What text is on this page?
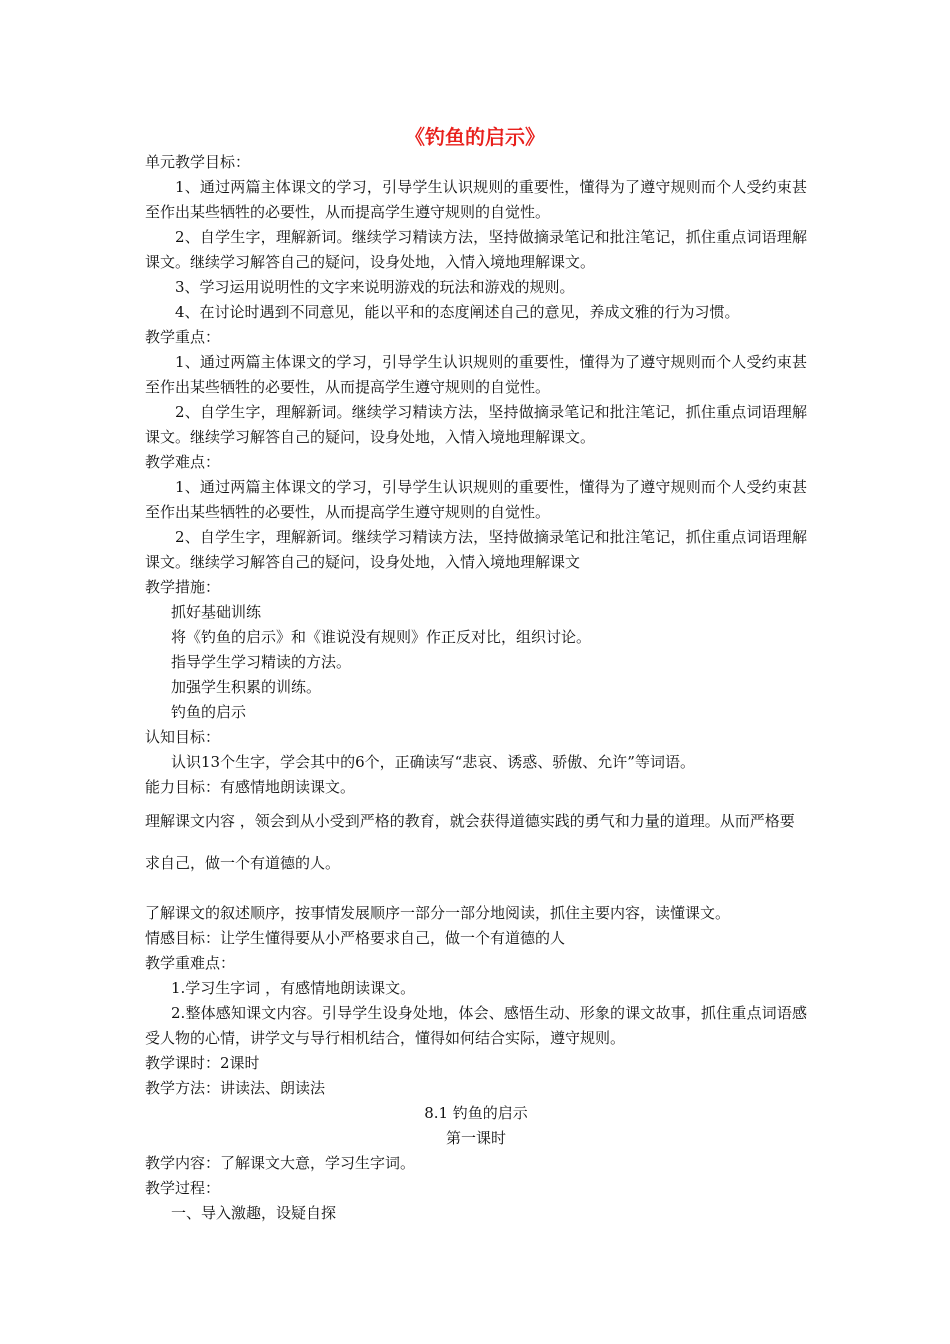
《钓鱼的启示》

单元教学目标：

1、通过两篇主体课文的学习，引导学生认识规则的重要性，懂得为了遵守规则而个人受约束甚至作出某些牺牲的必要性，从而提高学生遵守规则的自觉性。

2、自学生字，理解新词。继续学习精读方法，坚持做摘录笔记和批注笔记，抓住重点词语理解课文。继续学习解答自己的疑问，设身处地，入情入境地理解课文。

3、学习运用说明性的文字来说明游戏的玩法和游戏的规则。

4、在讨论时遇到不同意见，能以平和的态度阐述自己的意见，养成文雅的行为习惯。

教学重点：

1、通过两篇主体课文的学习，引导学生认识规则的重要性，懂得为了遵守规则而个人受约束甚至作出某些牺牲的必要性，从而提高学生遵守规则的自觉性。

2、自学生字，理解新词。继续学习精读方法，坚持做摘录笔记和批注笔记，抓住重点词语理解课文。继续学习解答自己的疑问，设身处地，入情入境地理解课文。

教学难点：

1、通过两篇主体课文的学习，引导学生认识规则的重要性，懂得为了遵守规则而个人受约束甚至作出某些牺牲的必要性，从而提高学生遵守规则的自觉性。

2、自学生字，理解新词。继续学习精读方法，坚持做摘录笔记和批注笔记，抓住重点词语理解课文。继续学习解答自己的疑问，设身处地，入情入境地理解课文

教学措施：

抓好基础训练

将《钓鱼的启示》和《谁说没有规则》作正反对比，组织讨论。

指导学生学习精读的方法。

加强学生积累的训练。

钓鱼的启示

认知目标：

认识13个生字，学会其中的6个，正确读写“悲哀、诱惑、骄傲、允许”等词语。

能力目标：有感情地朗读课文。

理解课文内容 ，领会到从小受到严格的教育，就会获得道德实践的勇气和力量的道理。从而严格要求自己，做一个有道德的人。

了解课文的叙述顺序，按事情发展顺序一部分一部分地阅读，抓住主要内容，读懂课文。

情感目标：让学生懂得要从小严格要求自己，做一个有道德的人

教学重难点：

1.学习生字词 ，有感情地朗读课文。

2.整体感知课文内容。引导学生设身处地，体会、感悟生动、形象的课文故事，抓住重点词语感受人物的心情，讲学文与导行相机结合，懂得如何结合实际，遵守规则。

教学课时：2课时

教学方法：讲读法、朗读法

8.1 钓鱼的启示

第一课时

教学内容：了解课文大意，学习生字词。

教学过程：

一、导入激趣，设疑自探
